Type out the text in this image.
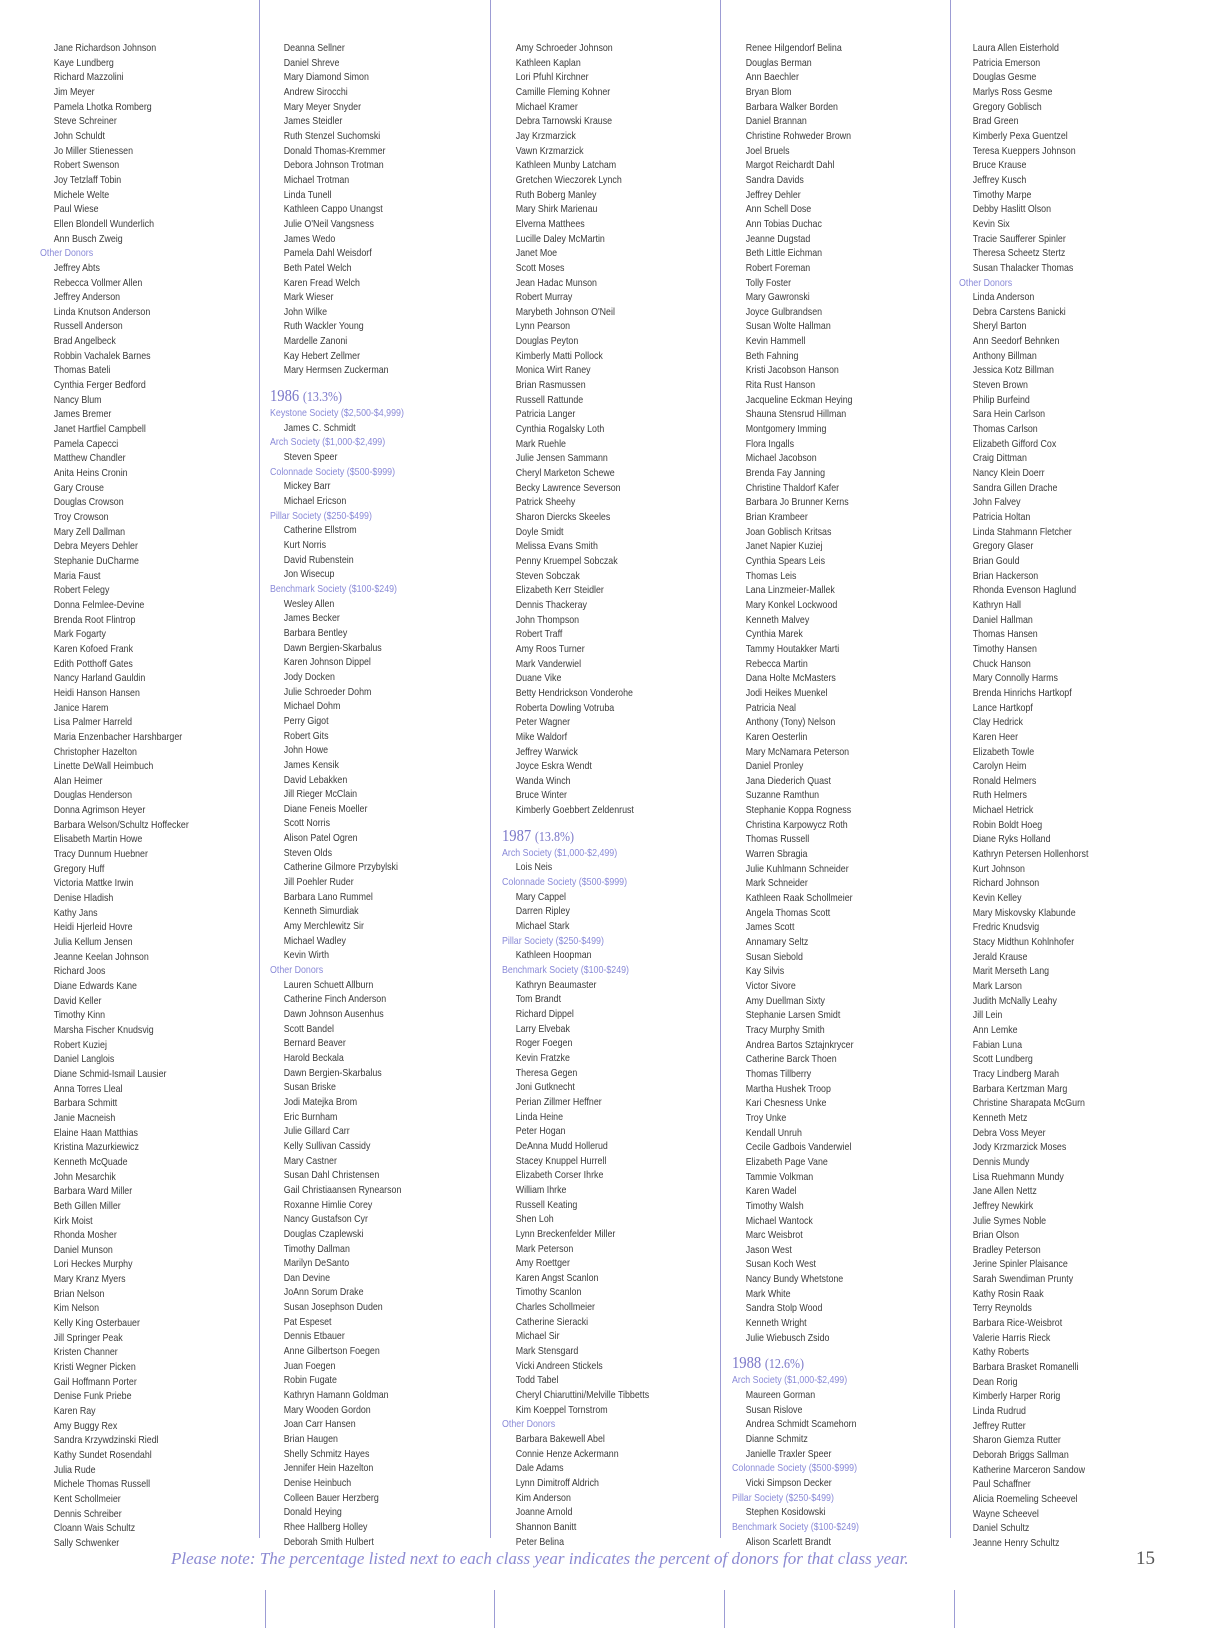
Jane Richardson Johnson
Kaye Lundberg
Richard Mazzolini
Jim Meyer
Pamela Lhotka Romberg
Steve Schreiner
John Schuldt
Jo Miller Stienessen
Robert Swenson
Joy Tetzlaff Tobin
Michele Welte
Paul Wiese
Ellen Blondell Wunderlich
Ann Busch Zweig
Other Donors
Jeffrey Abts
Rebecca Vollmer Allen
Jeffrey Anderson
Linda Knutson Anderson
Russell Anderson
Brad Angelbeck
Robbin Vachalek Barnes
Thomas Bateli
Cynthia Ferger Bedford
Nancy Blum
James Bremer
Janet Hartfiel Campbell
Pamela Capecci
Matthew Chandler
Anita Heins Cronin
Gary Crouse
Douglas Crowson
Troy Crowson
Mary Zell Dallman
Debra Meyers Dehler
Stephanie DuCharme
Maria Faust
Robert Felegy
Donna Felmlee-Devine
Brenda Root Flintrop
Mark Fogarty
Karen Kofoed Frank
Edith Potthoff Gates
Nancy Harland Gauldin
Heidi Hanson Hansen
Janice Harem
Lisa Palmer Harreld
Maria Enzenbacher Harshbarger
Christopher Hazelton
Linette DeWall Heimbuch
Alan Heimer
Douglas Henderson
Donna Agrimson Heyer
Barbara Welson/Schultz Hoffecker
Elisabeth Martin Howe
Tracy Dunnum Huebner
Gregory Huff
Victoria Mattke Irwin
Denise Hladish
Kathy Jans
Heidi Hjerleid Hovre
Julia Kellum Jensen
Jeanne Keelan Johnson
Richard Joos
Diane Edwards Kane
David Keller
Timothy Kinn
Marsha Fischer Knudsvig
Robert Kuziej
Daniel Langlois
Diane Schmid-Ismail Lausier
Anna Torres Lleal
Barbara Schmitt
Janie Macneish
Elaine Haan Matthias
Kristina Mazurkiewicz
Kenneth McQuade
John Mesarchik
Barbara Ward Miller
Beth Gillen Miller
Kirk Moist
Rhonda Mosher
Daniel Munson
Lori Heckes Murphy
Mary Kranz Myers
Brian Nelson
Kim Nelson
Kelly King Osterbauer
Jill Springer Peak
Kristen Channer
Kristi Wegner Picken
Gail Hoffmann Porter
Denise Funk Priebe
Karen Ray
Amy Buggy Rex
Sandra Krzywdzinski Riedl
Kathy Sundet Rosendahl
Julia Rude
Michele Thomas Russell
Kent Schollmeier
Dennis Schreiber
Cloann Wais Schultz
Sally Schwenker
Deanna Sellner
Daniel Shreve
Mary Diamond Simon
Andrew Sirocchi
Mary Meyer Snyder
James Steidler
Ruth Stenzel Suchomski
Donald Thomas-Kremmer
Debora Johnson Trotman
Michael Trotman
Linda Tunell
Kathleen Cappo Unangst
Julie O'Neil Vangsness
James Wedo
Pamela Dahl Weisdorf
Beth Patel Welch
Karen Fread Welch
Mark Wieser
John Wilke
Ruth Wackler Young
Mardelle Zanoni
Kay Hebert Zellmer
Mary Hermsen Zuckerman
1986 (13.3%)
Keystone Society ($2,500-$4,999)
James C. Schmidt
Arch Society ($1,000-$2,499)
Steven Speer
Colonnade Society ($500-$999)
Mickey Barr
Michael Ericson
Pillar Society ($250-$499)
Catherine Ellstrom
Kurt Norris
David Rubenstein
Jon Wisecup
Benchmark Society ($100-$249)
Wesley Allen
James Becker
Barbara Bentley
Dawn Bergien-Skarbalus
Karen Johnson Dippel
Jody Docken
Julie Schroeder Dohm
Michael Dohm
Perry Gigot
Robert Gits
John Howe
James Kensik
David Lebakken
Jill Rieger McClain
Diane Feneis Moeller
Scott Norris
Alison Patel Ogren
Steven Olds
Catherine Gilmore Przybylski
Jill Poehler Ruder
Barbara Lano Rummel
Kenneth Simurdiak
Amy Merchlewitz Sir
Michael Wadley
Kevin Wirth
Other Donors
Lauren Schuett Allburn
Catherine Finch Anderson
Dawn Johnson Ausenhus
Scott Bandel
Bernard Beaver
Harold Beckala
Dawn Bergien-Skarbalus
Susan Briske
Jodi Matejka Brom
Eric Burnham
Julie Gillard Carr
Kelly Sullivan Cassidy
Mary Castner
Susan Dahl Christensen
Gail Christiaansen Rynearson
Roxanne Himlie Corey
Nancy Gustafson Cyr
Douglas Czaplewski
Timothy Dallman
Marilyn DeSanto
Dan Devine
JoAnn Sorum Drake
Susan Josephson Duden
Pat Espeset
Dennis Etbauer
Anne Gilbertson Foegen
Juan Foegen
Robin Fugate
Kathryn Hamann Goldman
Mary Wooden Gordon
Joan Carr Hansen
Brian Haugen
Shelly Schmitz Hayes
Jennifer Hein Hazelton
Denise Heinbuch
Colleen Bauer Herzberg
Donald Heying
Rhee Hallberg Holley
Deborah Smith Hulbert
Amy Schroeder Johnson
Kathleen Kaplan
Lori Pfuhl Kirchner
Camille Fleming Kohner
Michael Kramer
Debra Tarnowski Krause
Jay Krzmarzick
Vawn Krzmarzick
Kathleen Munby Latcham
Gretchen Wieczorek Lynch
Ruth Boberg Manley
Mary Shirk Marienau
Elverna Matthees
Lucille Daley McMartin
Janet Moe
Scott Moses
Jean Hadac Munson
Robert Murray
Marybeth Johnson O'Neil
Lynn Pearson
Douglas Peyton
Kimberly Matti Pollock
Monica Wirt Raney
Brian Rasmussen
Russell Rattunde
Patricia Langer
Cynthia Rogalsky Loth
Mark Ruehle
Julie Jensen Sammann
Cheryl Marketon Schewe
Becky Lawrence Severson
Patrick Sheehy
Sharon Diercks Skeeles
Doyle Smidt
Melissa Evans Smith
Penny Kruempel Sobczak
Steven Sobczak
Elizabeth Kerr Steidler
Dennis Thackeray
John Thompson
Robert Traff
Amy Roos Turner
Mark Vanderwiel
Duane Vike
Betty Hendrickson Vonderohe
Roberta Dowling Votruba
Peter Wagner
Mike Waldorf
Jeffrey Warwick
Joyce Eskra Wendt
Wanda Winch
Bruce Winter
Kimberly Goebbert Zeldenrust
1987 (13.8%)
Arch Society ($1,000-$2,499)
Lois Neis
Colonnade Society ($500-$999)
Mary Cappel
Darren Ripley
Michael Stark
Pillar Society ($250-$499)
Kathleen Hoopman
Benchmark Society ($100-$249)
Kathryn Beaumaster
Tom Brandt
Richard Dippel
Larry Elvebak
Roger Foegen
Kevin Fratzke
Theresa Gegen
Joni Gutknecht
Perian Zillmer Heffner
Linda Heine
Peter Hogan
DeAnna Mudd Hollerud
Stacey Knuppel Hurrell
Elizabeth Corser Ihrke
William Ihrke
Russell Keating
Shen Loh
Lynn Breckenfelder Miller
Mark Peterson
Amy Roettger
Karen Angst Scanlon
Timothy Scanlon
Charles Schollmeier
Catherine Sieracki
Michael Sir
Mark Stensgard
Vicki Andreen Stickels
Todd Tabel
Cheryl Chiaruttini/Melville Tibbetts
Kim Koeppel Tornstrom
Other Donors
Barbara Bakewell Abel
Connie Henze Ackermann
Dale Adams
Lynn Dimitroff Aldrich
Kim Anderson
Joanne Arnold
Shannon Banitt
Peter Belina
Renee Hilgendorf Belina
Douglas Berman
Ann Baechler
Bryan Blom
Barbara Walker Borden
Daniel Brannan
Christine Rohweder Brown
Joel Bruels
Margot Reichardt Dahl
Sandra Davids
Jeffrey Dehler
Ann Schell Dose
Ann Tobias Duchac
Jeanne Dugstad
Beth Little Eichman
Robert Foreman
Tolly Foster
Mary Gawronski
Joyce Gulbrandsen
Susan Wolte Hallman
Kevin Hammell
Beth Fahning
Kristi Jacobson Hanson
Rita Rust Hanson
Jacqueline Eckman Heying
Shauna Stensrud Hillman
Montgomery Imming
Flora Ingalls
Michael Jacobson
Brenda Fay Janning
Christine Thaldorf Kafer
Barbara Jo Brunner Kerns
Brian Krambeer
Joan Goblisch Kritsas
Janet Napier Kuziej
Cynthia Spears Leis
Thomas Leis
Lana Linzmeier-Mallek
Mary Konkel Lockwood
Kenneth Malvey
Cynthia Marek
Tammy Houtakker Marti
Rebecca Martin
Dana Holte McMasters
Jodi Heikes Muenkel
Patricia Neal
Anthony (Tony) Nelson
Karen Oesterlin
Mary McNamara Peterson
Daniel Pronley
Jana Diederich Quast
Suzanne Ramthun
Stephanie Koppa Rogness
Christina Karpowycz Roth
Thomas Russell
Warren Sbragia
Julie Kuhlmann Schneider
Mark Schneider
Kathleen Raak Schollmeier
Angela Thomas Scott
James Scott
Annamary Seltz
Susan Siebold
Kay Silvis
Victor Sivore
Amy Duellman Sixty
Stephanie Larsen Smidt
Tracy Murphy Smith
Andrea Bartos Sztajnkrycer
Catherine Barck Thoen
Thomas Tillberry
Martha Hushek Troop
Kari Chesness Unke
Troy Unke
Kendall Unruh
Cecile Gadbois Vanderwiel
Elizabeth Page Vane
Tammie Volkman
Karen Wadel
Timothy Walsh
Michael Wantock
Marc Weisbrot
Jason West
Susan Koch West
Nancy Bundy Whetstone
Mark White
Sandra Stolp Wood
Kenneth Wright
Julie Wiebusch Zsido
1988 (12.6%)
Arch Society ($1,000-$2,499)
Maureen Gorman
Susan Rislove
Andrea Schmidt Scamehorn
Dianne Schmitz
Janielle Traxler Speer
Colonnade Society ($500-$999)
Vicki Simpson Decker
Pillar Society ($250-$499)
Stephen Kosidowski
Benchmark Society ($100-$249)
Alison Scarlett Brandt
Laura Allen Eisterhold
Patricia Emerson
Douglas Gesme
Marlys Ross Gesme
Gregory Goblisch
Brad Green
Kimberly Pexa Guentzel
Teresa Kueppers Johnson
Bruce Krause
Jeffrey Kusch
Timothy Marpe
Debby Haslitt Olson
Kevin Six
Tracie Saufferer Spinler
Theresa Scheetz Stertz
Susan Thalacker Thomas
Other Donors
Linda Anderson
Debra Carstens Banicki
Sheryl Barton
Ann Seedorf Behnken
Anthony Billman
Jessica Kotz Billman
Steven Brown
Philip Burfeind
Sara Hein Carlson
Thomas Carlson
Elizabeth Gifford Cox
Craig Dittman
Nancy Klein Doerr
Sandra Gillen Drache
John Falvey
Patricia Holtan
Linda Stahmann Fletcher
Gregory Glaser
Brian Gould
Brian Hackerson
Rhonda Evenson Haglund
Kathryn Hall
Daniel Hallman
Thomas Hansen
Timothy Hansen
Chuck Hanson
Mary Connolly Harms
Brenda Hinrichs Hartkopf
Lance Hartkopf
Clay Hedrick
Karen Heer
Elizabeth Towle
Carolyn Heim
Ronald Helmers
Ruth Helmers
Michael Hetrick
Robin Boldt Hoeg
Diane Ryks Holland
Kathryn Petersen Hollenhorst
Kurt Johnson
Richard Johnson
Kevin Kelley
Mary Miskovsky Klabunde
Fredric Knudsvig
Stacy Midthun Kohlnhofer
Jerald Krause
Marit Merseth Lang
Mark Larson
Judith McNally Leahy
Jill Lein
Ann Lemke
Fabian Luna
Scott Lundberg
Tracy Lindberg Marah
Barbara Kertzman Marg
Christine Sharapata McGurn
Kenneth Metz
Debra Voss Meyer
Jody Krzmarzick Moses
Dennis Mundy
Lisa Ruehmann Mundy
Jane Allen Nettz
Jeffrey Newkirk
Julie Symes Noble
Brian Olson
Bradley Peterson
Jerine Spinler Plaisance
Sarah Swendiman Prunty
Kathy Rosin Raak
Terry Reynolds
Barbara Rice-Weisbrot
Valerie Harris Rieck
Kathy Roberts
Barbara Brasket Romanelli
Dean Rorig
Kimberly Harper Rorig
Linda Rudrud
Jeffrey Rutter
Sharon Giemza Rutter
Deborah Briggs Sallman
Katherine Marceron Sandow
Paul Schaffner
Alicia Roemeling Scheevel
Wayne Scheevel
Daniel Schultz
Jeanne Henry Schultz
Please note: The percentage listed next to each class year indicates the percent of donors for that class year.	15
